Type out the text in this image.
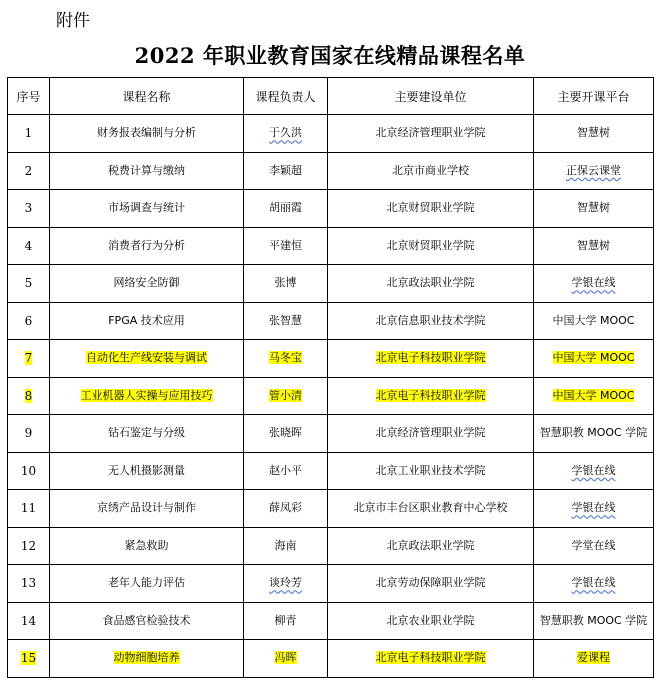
附件
2022 年职业教育国家在线精品课程名单
序号	课程名称	课程负责人	主要建设单位	主要开课平台
1	财务报表编制与分析	于久洪	北京经济管理职业学院	智慧树
2	税费计算与缴纳	李颖超	北京市商业学校	正保云课堂
3	市场调查与统计	胡丽霞	北京财贸职业学院	智慧树
4	消费者行为分析	平建恒	北京财贸职业学院	智慧树
5	网络安全防御	张博	北京政法职业学院	学银在线
6	FPGA 技术应用	张智慧	北京信息职业技术学院	中国大学 MOOC
7	自动化生产线安装与调试	马冬宝	北京电子科技职业学院	中国大学 MOOC
8	工业机器人实操与应用技巧	管小清	北京电子科技职业学院	中国大学 MOOC
9	钻石鉴定与分级	张晓晖	北京经济管理职业学院	智慧职教 MOOC 学院
10	无人机摄影测量	赵小平	北京工业职业技术学院	学银在线
11	京绣产品设计与制作	薛凤彩	北京市丰台区职业教育中心学校	学银在线
12	紧急救助	海南	北京政法职业学院	学堂在线
13	老年人能力评估	谈玲芳	北京劳动保障职业学院	学银在线
14	食品感官检验技术	柳青	北京农业职业学院	智慧职教 MOOC 学院
15	动物细胞培养	冯晖	北京电子科技职业学院	爱课程
